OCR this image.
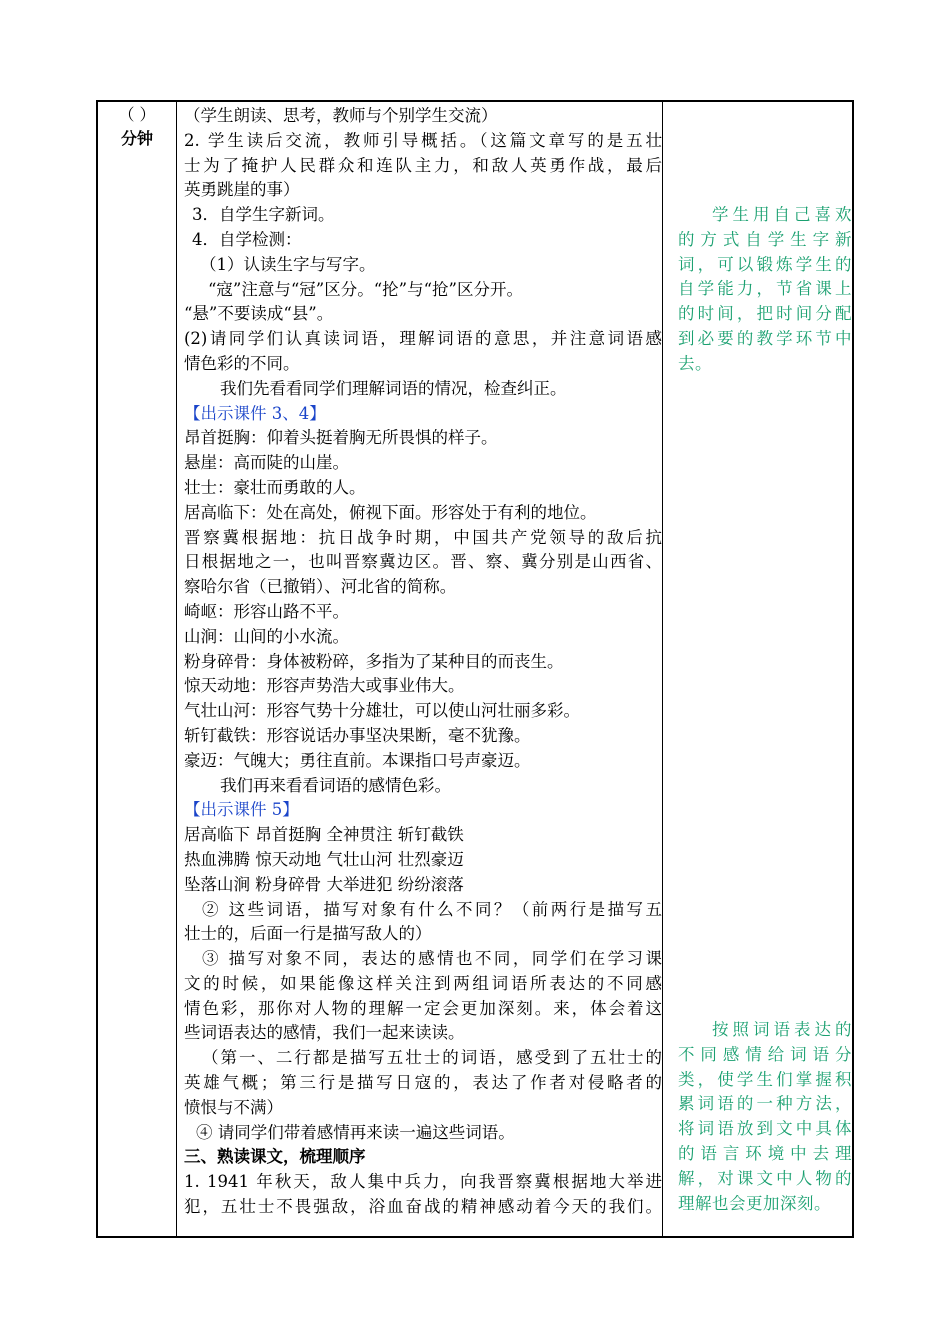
（ ）
分钟
（学生朗读、思考，教师与个别学生交流）
2. 学生读后交流，教师引导概括。（这篇文章写的是五壮
士为了掩护人民群众和连队主力，和敌人英勇作战，最后
英勇跳崖的事）
3．自学生字新词。
4．自学检测：
（1）认读生字与写字。
“寇”注意与“冠”区分。“抡”与“抢”区分开。
“悬”不要读成“县”。
(2)请同学们认真读词语，理解词语的意思，并注意词语感
情色彩的不同。
我们先看看同学们理解词语的情况，检查纠正。
【出示课件 3、4】
昂首挺胸：仰着头挺着胸无所畏惧的样子。
悬崖：高而陡的山崖。
壮士：豪壮而勇敢的人。
居高临下：处在高处，俯视下面。形容处于有利的地位。
晋察冀根据地：抗日战争时期，中国共产党领导的敌后抗
日根据地之一，也叫晋察冀边区。晋、察、冀分别是山西省、
察哈尔省（已撤销）、河北省的简称。
崎岖：形容山路不平。
山涧：山间的小水流。
粉身碎骨：身体被粉碎，多指为了某种目的而丧生。
惊天动地：形容声势浩大或事业伟大。
气壮山河：形容气势十分雄壮，可以使山河壮丽多彩。
斩钉截铁：形容说话办事坚决果断，毫不犹豫。
豪迈：气魄大；勇往直前。本课指口号声豪迈。
我们再来看看词语的感情色彩。
【出示课件 5】
居高临下 昂首挺胸 全神贯注 斩钉截铁
热血沸腾 惊天动地 气壮山河 壮烈豪迈
坠落山涧 粉身碎骨 大举进犯 纷纷滚落
② 这些词语，描写对象有什么不同？（前两行是描写五
壮士的，后面一行是描写敌人的）
③ 描写对象不同，表达的感情也不同，同学们在学习课
文的时候，如果能像这样关注到两组词语所表达的不同感
情色彩，那你对人物的理解一定会更加深刻。来，体会着这
些词语表达的感情，我们一起来读读。
（第一、二行都是描写五壮士的词语，感受到了五壮士的
英雄气概；第三行是描写日寇的，表达了作者对侵略者的
愤恨与不满）
④ 请同学们带着感情再来读一遍这些词语。
三、熟读课文，梳理顺序
1. 1941 年秋天，敌人集中兵力，向我晋察冀根据地大举进
犯，五壮士不畏强敌，浴血奋战的精神感动着今天的我们。
学生用自己喜欢
的方式自学生字新
词，可以锻炼学生的
自学能力，节省课上
的时间，把时间分配
到必要的教学环节中
去。
按照词语表达的
不同感情给词语分
类，使学生们掌握积
累词语的一种方法，
将词语放到文中具体
的语言环境中去理
解，对课文中人物的
理解也会更加深刻。
